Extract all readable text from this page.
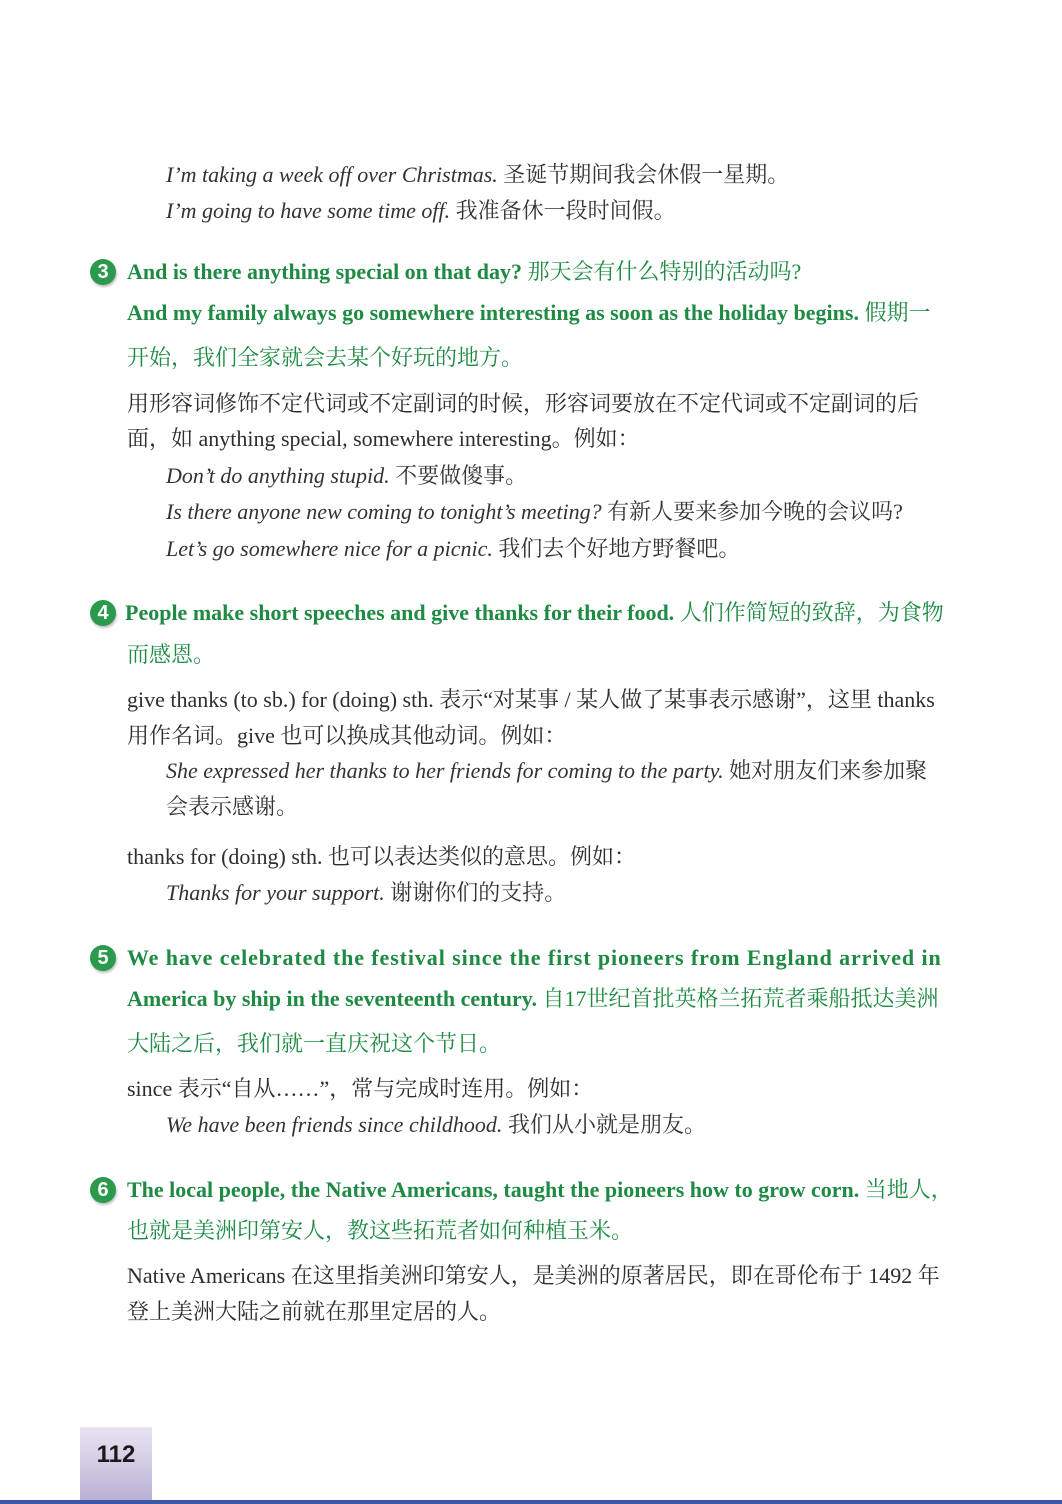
I’m taking a week off over Christmas. 圣诞节期间我会休假一星期。
I’m going to have some time off. 我准备休一段时间假。
3 And is there anything special on that day? 那天会有什么特别的活动吗?
And my family always go somewhere interesting as soon as the holiday begins. 假期一
开始，我们全家就会去某个好玩的地方。
用形容词修饰不定代词或不定副词的时候，形容词要放在不定代词或不定副词的后
面，如 anything special, somewhere interesting。例如：
Don’t do anything stupid. 不要做傻事。
Is there anyone new coming to tonight’s meeting? 有新人要来参加今晚的会议吗?
Let’s go somewhere nice for a picnic. 我们去个好地方野餐吧。
4 People make short speeches and give thanks for their food. 人们作简短的致辞，为食物
而感恩。
give thanks (to sb.) for (doing) sth. 表示“对某事 / 某人做了某事表示感谢”，这里 thanks
用作名词。give 也可以换成其他动词。例如：
She expressed her thanks to her friends for coming to the party. 她对朋友们来参加聚
会表示感谢。
thanks for (doing) sth. 也可以表达类似的意思。例如：
Thanks for your support. 谢谢你们的支持。
5 We have celebrated the festival since the first pioneers from England arrived in
America by ship in the seventeenth century. 自17世纪首批英格兰拓荒者乘船抵达美洲
大陆之后，我们就一直庆祝这个节日。
since 表示“自从……”，常与完成时连用。例如：
We have been friends since childhood. 我们从小就是朋友。
6 The local people, the Native Americans, taught the pioneers how to grow corn. 当地人，
也就是美洲印第安人，教这些拓荒者如何种植玉米。
Native Americans 在这里指美洲印第安人，是美洲的原著居民，即在哥伦布于 1492 年
登上美洲大陆之前就在那里定居的人。
112
